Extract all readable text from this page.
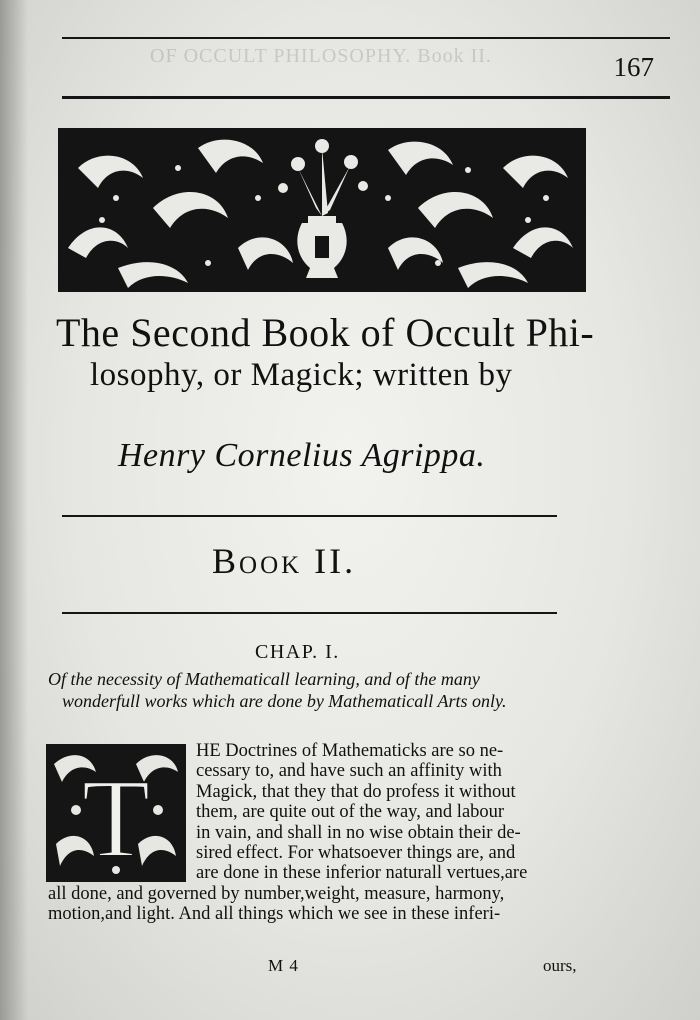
OF OCCULT PHILOSOPHY. Book II.	167
The Second Book of Occult Phi-
losophy, or Magick; written by
Henry Cornelius Agrippa.
Book II.
CHAP. I.
Of the necessity of Mathematicall learning, and of the many
wonderfull works which are done by Mathematicall Arts only.
T
HE Doctrines of Mathematicks are so ne-
cessary to, and have such an affinity with
Magick, that they that do profess it without
them, are quite out of the way, and labour
in vain, and shall in no wise obtain their de-
sired effect. For whatsoever things are, and
are done in these inferior naturall vertues,are
all done, and governed by number,weight, measure, harmony,
motion,and light. And all things which we see in these inferi-
M 4	ours,
